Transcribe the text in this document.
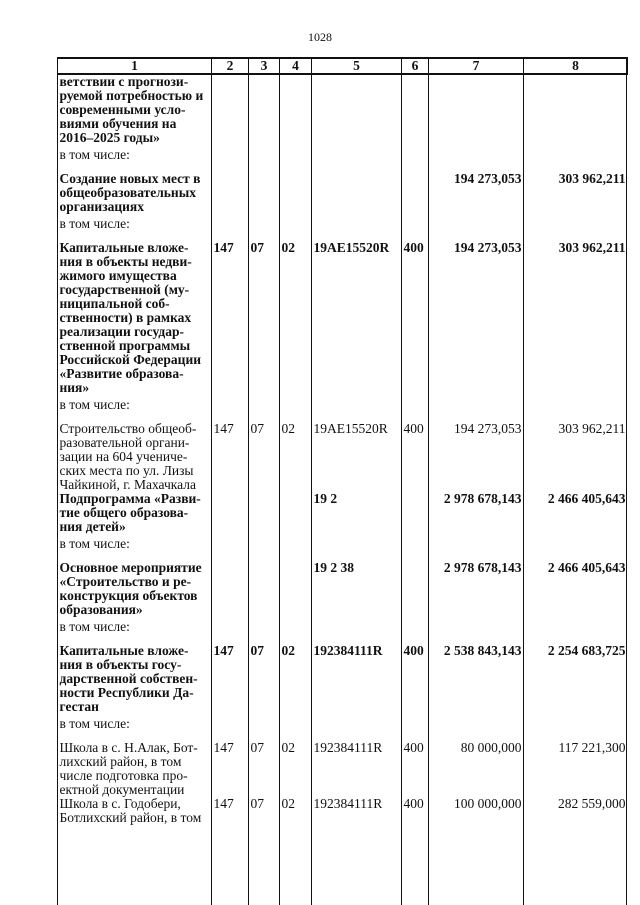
1028
1	2	3	4	5	6	7	8
ветствии с прогнози-руемой потребностью и современными усло-виями обучения на 2016–2025 годы»							
в том числе:							
Создание новых мест в общеобразовательных организациях						194 273,053	303 962,211
в том числе:							
Капитальные вложе-ния в объекты недви-жимого имущества государственной (му-ниципальной соб-ственности) в рамках реализации государ-ственной программы Российской Федерации «Развитие образова-ния»	147	07	02	19АЕ15520R	400	194 273,053	303 962,211
в том числе:							
Строительство общеоб-разовательной органи-зации на 604 учениче-ских места по ул. Лизы Чайкиной, г. Махачкала	147	07	02	19АЕ15520R	400	194 273,053	303 962,211
Подпрограмма «Разви-тие общего образова-ния детей»				19 2		2 978 678,143	2 466 405,643
в том числе:							
Основное мероприятие «Строительство и ре-конструкция объектов образования»				19 2 38		2 978 678,143	2 466 405,643
в том числе:							
Капитальные вложе-ния в объекты госу-дарственной собствен-ности Республики Да-гестан	147	07	02	192384111R	400	2 538 843,143	2 254 683,725
в том числе:							
Школа в с. Н.Алак, Бот-лихский район, в том числе подготовка про-ектной документации	147	07	02	192384111R	400	80 000,000	117 221,300
Школа в с. Годобери, Ботлихский район, в том	147	07	02	192384111R	400	100 000,000	282 559,000
